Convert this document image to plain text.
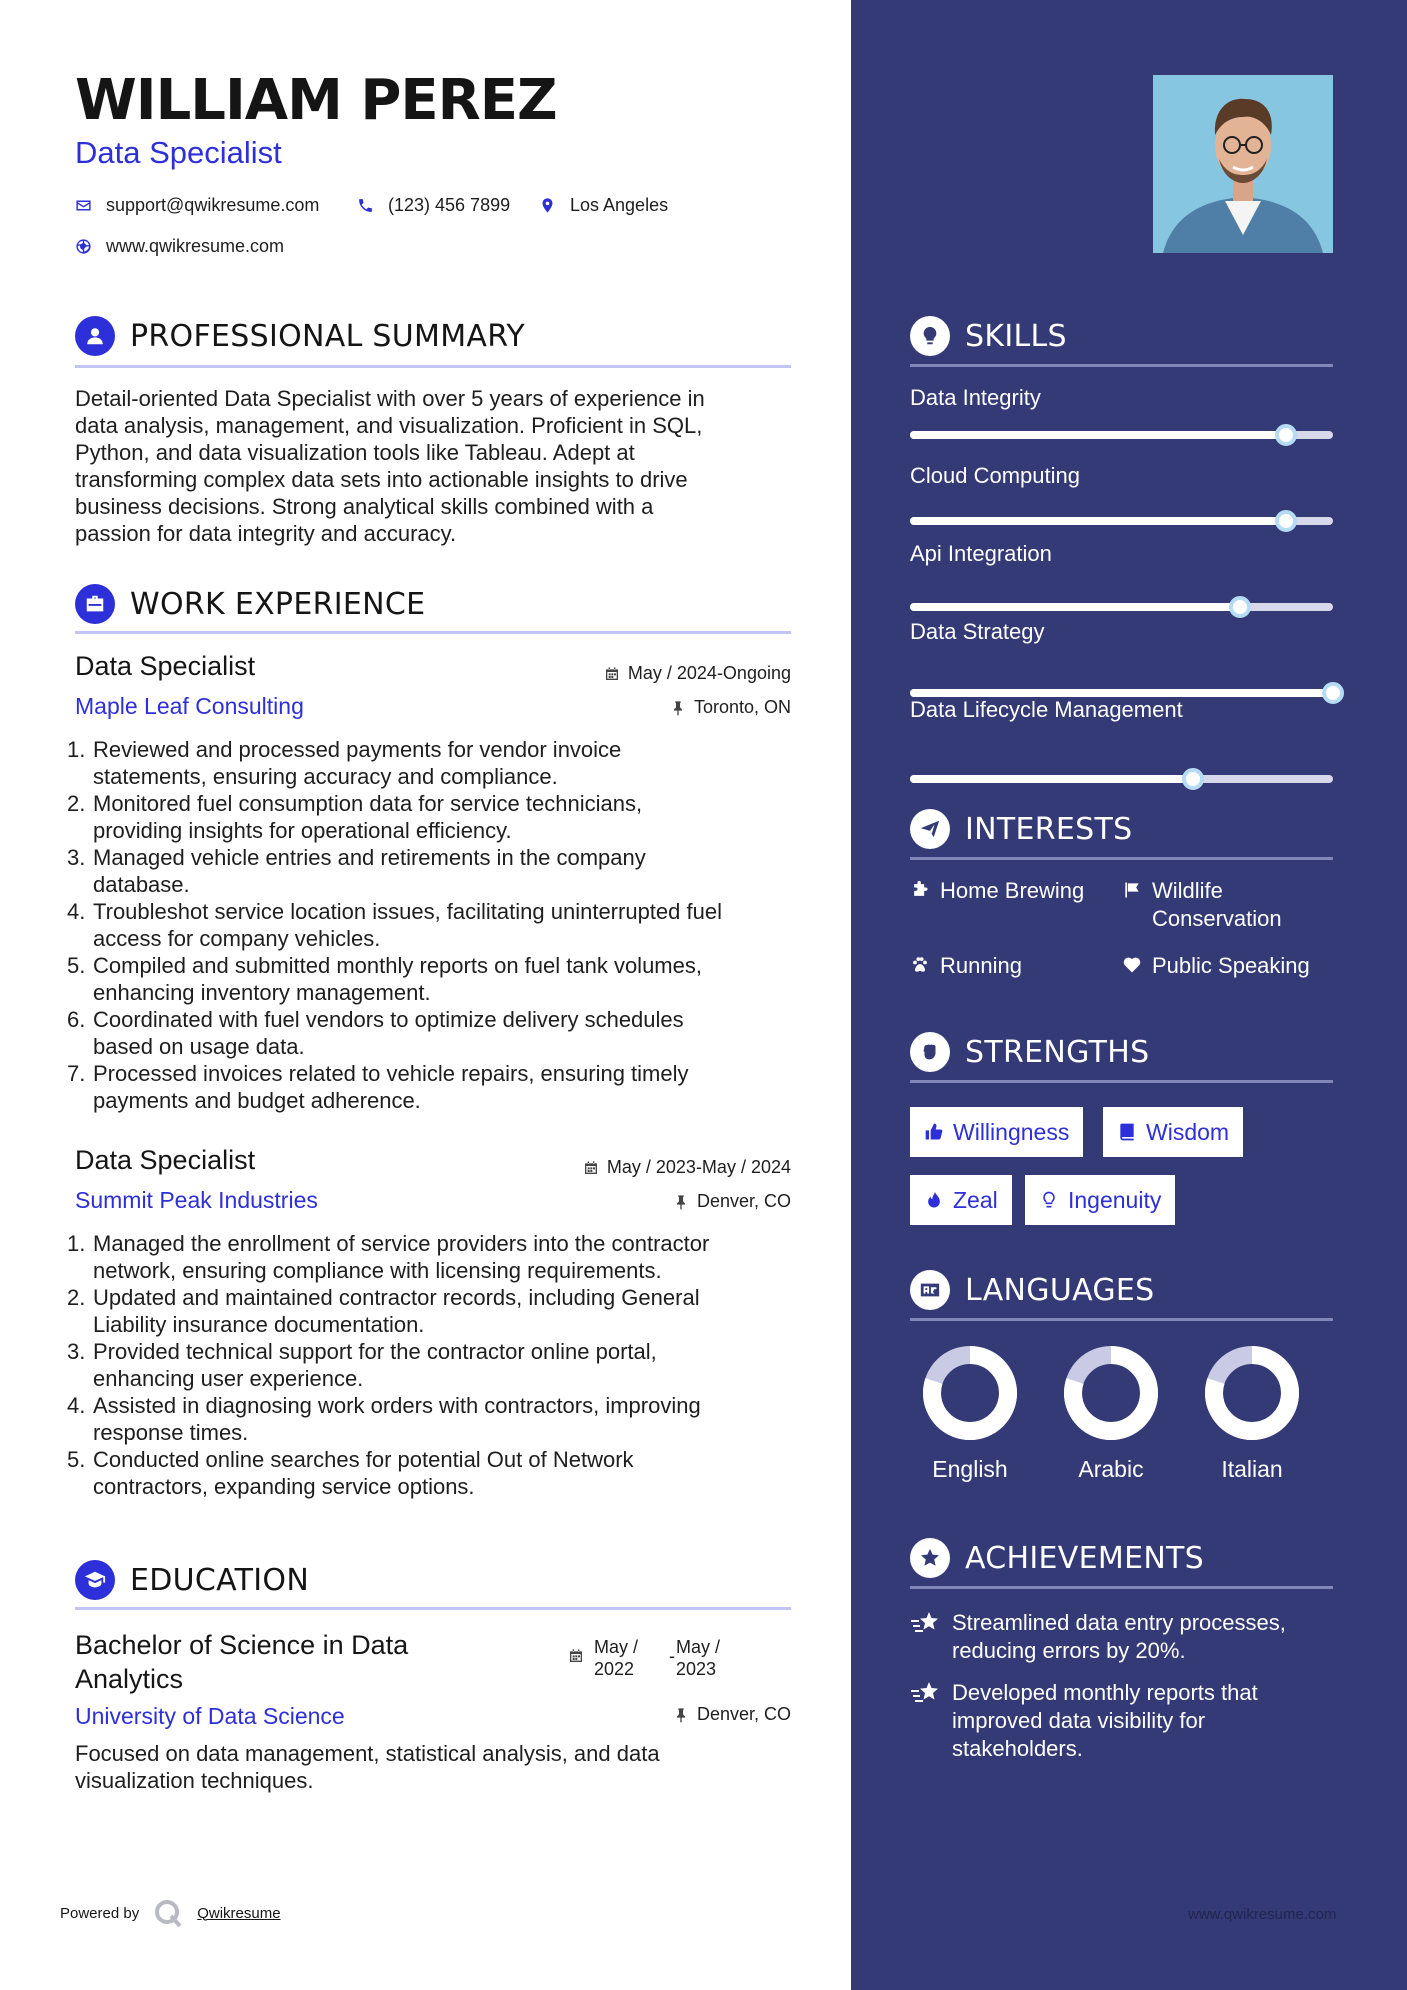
WILLIAM PEREZ
Data Specialist
support@qwikresume.com	(123) 456 7899	Los Angeles
www.qwikresume.com
PROFESSIONAL SUMMARY
Detail-oriented Data Specialist with over 5 years of experience in
data analysis, management, and visualization. Proficient in SQL,
Python, and data visualization tools like Tableau. Adept at
transforming complex data sets into actionable insights to drive
business decisions. Strong analytical skills combined with a
passion for data integrity and accuracy.
WORK EXPERIENCE
Data Specialist	May / 2024-Ongoing
Maple Leaf Consulting	Toronto, ON
Reviewed and processed payments for vendor invoice
statements, ensuring accuracy and compliance.
Monitored fuel consumption data for service technicians,
providing insights for operational efficiency.
Managed vehicle entries and retirements in the company
database.
Troubleshot service location issues, facilitating uninterrupted fuel
access for company vehicles.
Compiled and submitted monthly reports on fuel tank volumes,
enhancing inventory management.
Coordinated with fuel vendors to optimize delivery schedules
based on usage data.
Processed invoices related to vehicle repairs, ensuring timely
payments and budget adherence.
Data Specialist	May / 2023-May / 2024
Summit Peak Industries	Denver, CO
Managed the enrollment of service providers into the contractor
network, ensuring compliance with licensing requirements.
Updated and maintained contractor records, including General
Liability insurance documentation.
Provided technical support for the contractor online portal,
enhancing user experience.
Assisted in diagnosing work orders with contractors, improving
response times.
Conducted online searches for potential Out of Network
contractors, expanding service options.
EDUCATION
Bachelor of Science in Data
Analytics
May /
2022
- May /
2023
University of Data Science	Denver, CO
Focused on data management, statistical analysis, and data
visualization techniques.
Powered by	Qwikresume
SKILLS
Data Integrity
Cloud Computing
Api Integration
Data Strategy
Data Lifecycle Management
INTERESTS
Home Brewing	Wildlife
Conservation
Running	Public Speaking
STRENGTHS
Willingness	Wisdom
Zeal	Ingenuity
LANGUAGES
English	Arabic	Italian
ACHIEVEMENTS
Streamlined data entry processes,
reducing errors by 20%.
Developed monthly reports that
improved data visibility for
stakeholders.
www.qwikresume.com
